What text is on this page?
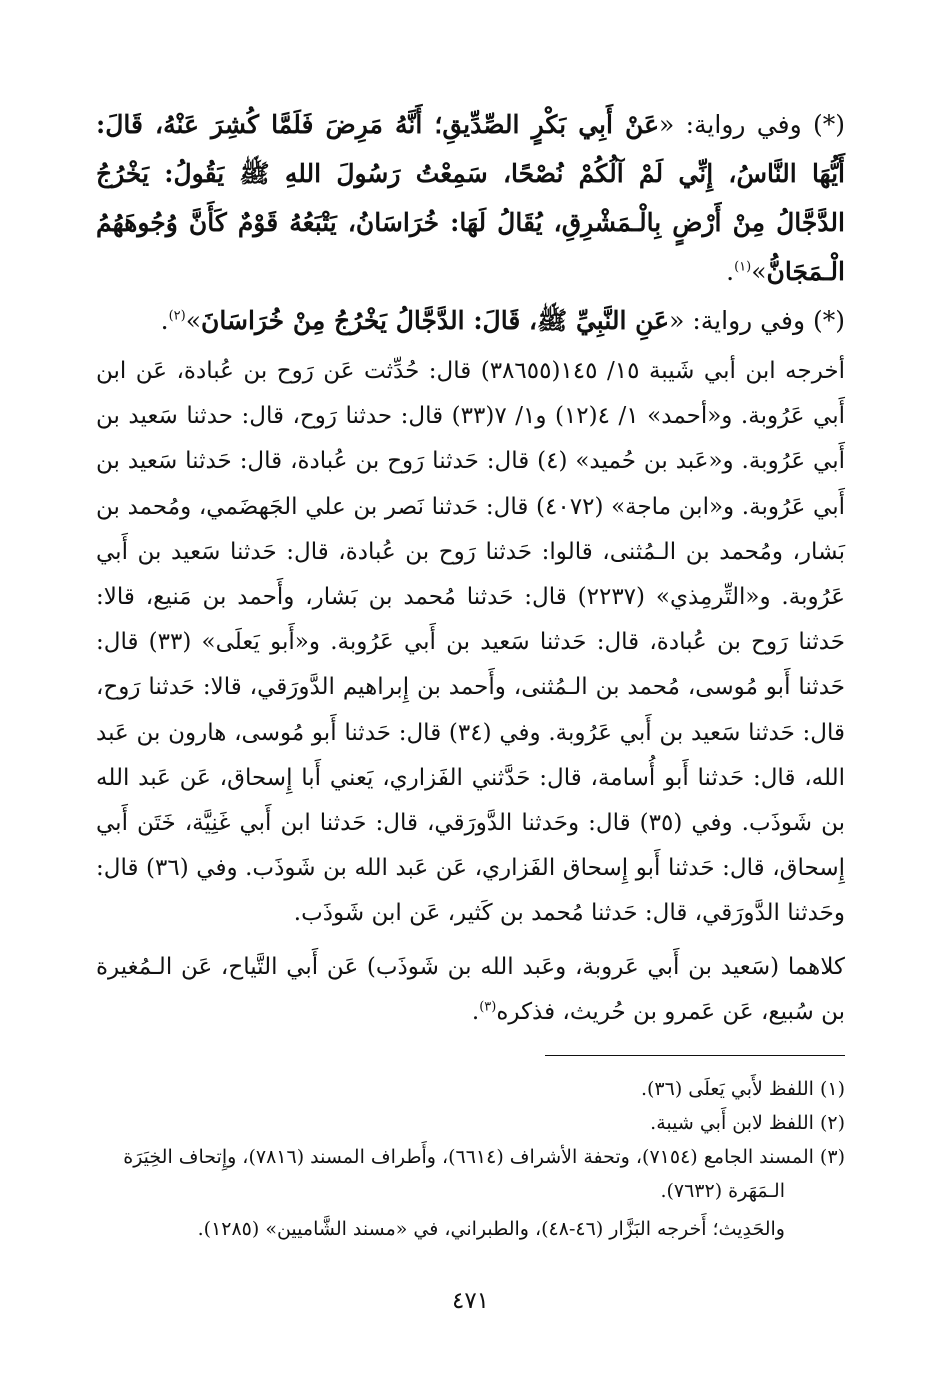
(*) وفي رواية: «عَنْ أَبِي بَكْرٍ الصِّدِّيقِ؛ أَنَّهُ مَرِضَ فَلَمَّا كُشِرَ عَنْهُ، قَالَ: أَيُّهَا النَّاسُ، إِنِّي لَمْ آلُكُمْ نُصْحًا، سَمِعْتُ رَسُولَ اللهِ ﷺ يَقُولُ: يَخْرُجُ الدَّجَّالُ مِنْ أَرْضٍ بِالْـمَشْرِقِ، يُقَالُ لَهَا: خُرَاسَانُ، يَتْبَعُهُ قَوْمٌ كَأَنَّ وُجُوهَهُمُ الْـمَجَانُّ»$^{(١)}$.

(*) وفي رواية: «عَنِ النَّبِيِّ ﷺ، قَالَ: الدَّجَّالُ يَخْرُجُ مِنْ خُرَاسَانَ»$^{(٢)}$.

أخرجه ابن أبي شَيبة ١٥/ ١٤٥(٣٨٦٥٥) قال: حُدِّثت عَن رَوح بن عُبادة، عَن ابن أَبي عَرُوبة. و«أحمد» ١/ ٤(١٢) و١/ ٧(٣٣) قال: حدثنا رَوح، قال: حدثنا سَعيد بن أَبي عَرُوبة. و«عَبد بن حُميد» (٤) قال: حَدثنا رَوح بن عُبادة، قال: حَدثنا سَعيد بن أَبي عَرُوبة. و«ابن ماجة» (٤٠٧٢) قال: حَدثنا نَصر بن علي الجَهضَمي، ومُحمد بن بَشار، ومُحمد بن الـمُثنى، قالوا: حَدثنا رَوح بن عُبادة، قال: حَدثنا سَعيد بن أَبي عَرُوبة. و«التِّرمِذي» (٢٢٣٧) قال: حَدثنا مُحمد بن بَشار، وأَحمد بن مَنيع، قالا: حَدثنا رَوح بن عُبادة، قال: حَدثنا سَعيد بن أَبي عَرُوبة. و«أَبو يَعلَى» (٣٣) قال: حَدثنا أَبو مُوسى، مُحمد بن الـمُثنى، وأَحمد بن إِبراهيم الدَّورَقي، قالا: حَدثنا رَوح، قال: حَدثنا سَعيد بن أَبي عَرُوبة. وفي (٣٤) قال: حَدثنا أَبو مُوسى، هارون بن عَبد الله، قال: حَدثنا أَبو أُسامة، قال: حَدَّثني الفَزاري، يَعني أَبا إِسحاق، عَن عَبد الله بن شَوذَب. وفي (٣٥) قال: وحَدثنا الدَّورَقي، قال: حَدثنا ابن أَبي غَنِيَّة، خَتَن أَبي إِسحاق، قال: حَدثنا أَبو إِسحاق الفَزاري، عَن عَبد الله بن شَوذَب. وفي (٣٦) قال: وحَدثنا الدَّورَقي، قال: حَدثنا مُحمد بن كَثير، عَن ابن شَوذَب.

كلاهما (سَعيد بن أَبي عَروبة، وعَبد الله بن شَوذَب) عَن أَبي التَّياح، عَن الـمُغيرة بن سُبيع، عَن عَمرو بن حُريث، فذكره$^{(٣)}$.

(١) اللفظ لأَبي يَعلَى (٣٦).

(٢) اللفظ لابن أَبي شيبة.

(٣) المسند الجامع (٧١٥٤)، وتحفة الأشراف (٦٦١٤)، وأَطراف المسند (٧٨١٦)، وإِتحاف الخِيَرَة

الـمَهَرة (٧٦٣٢).

والحَدِيث؛ أَخرجه البَزَّار (٤٦-٤٨)، والطبراني، في «مسند الشَّاميين» (١٢٨٥).

٤٧١
